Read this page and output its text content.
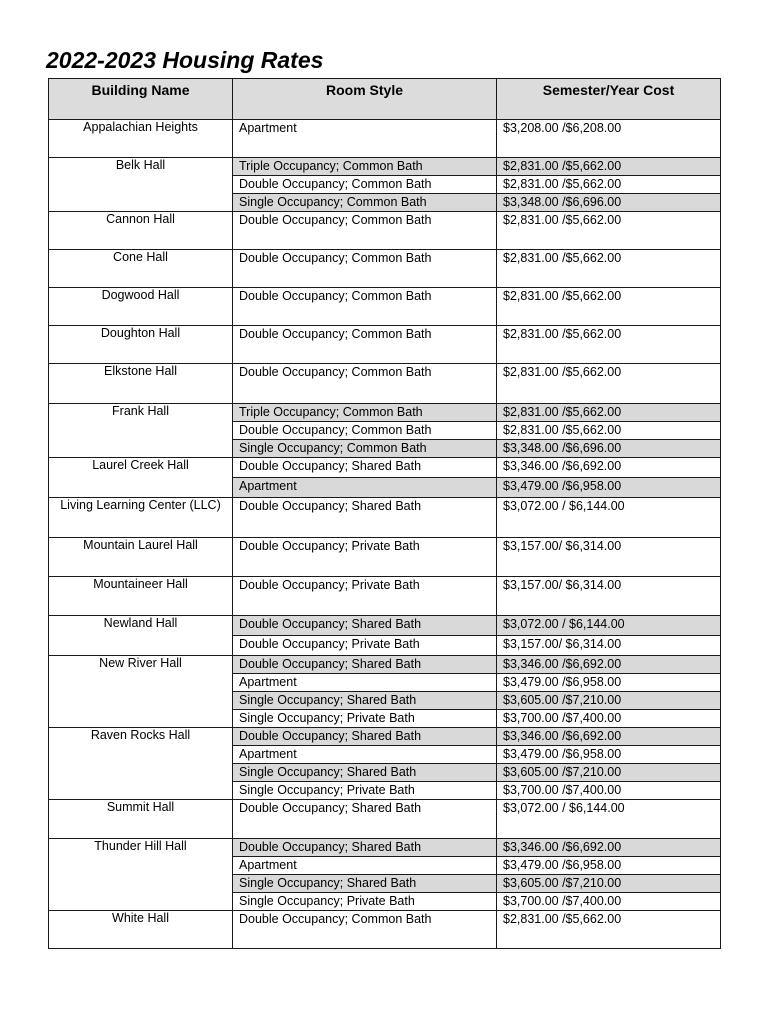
2022-2023 Housing Rates
Building Name	Room Style	Semester/Year Cost
Appalachian Heights	Apartment	$3,208.00 /$6,208.00
Belk Hall	Triple Occupancy; Common Bath	$2,831.00 /$5,662.00
	Double Occupancy; Common Bath	$2,831.00 /$5,662.00
	Single Occupancy; Common Bath	$3,348.00 /$6,696.00
Cannon Hall	Double Occupancy; Common Bath	$2,831.00 /$5,662.00
Cone Hall	Double Occupancy; Common Bath	$2,831.00 /$5,662.00
Dogwood Hall	Double Occupancy; Common Bath	$2,831.00 /$5,662.00
Doughton Hall	Double Occupancy; Common Bath	$2,831.00 /$5,662.00
Elkstone Hall	Double Occupancy; Common Bath	$2,831.00 /$5,662.00
Frank Hall	Triple Occupancy; Common Bath	$2,831.00 /$5,662.00
	Double Occupancy; Common Bath	$2,831.00 /$5,662.00
	Single Occupancy; Common Bath	$3,348.00 /$6,696.00
Laurel Creek Hall	Double Occupancy; Shared Bath	$3,346.00 /$6,692.00
	Apartment	$3,479.00 /$6,958.00
Living Learning Center (LLC)	Double Occupancy; Shared Bath	$3,072.00 / $6,144.00
Mountain Laurel Hall	Double Occupancy; Private Bath	$3,157.00/ $6,314.00
Mountaineer Hall	Double Occupancy; Private Bath	$3,157.00/ $6,314.00
Newland Hall	Double Occupancy; Shared Bath	$3,072.00 / $6,144.00
	Double Occupancy; Private Bath	$3,157.00/ $6,314.00
New River Hall	Double Occupancy; Shared Bath	$3,346.00 /$6,692.00
	Apartment	$3,479.00 /$6,958.00
	Single Occupancy; Shared Bath	$3,605.00 /$7,210.00
	Single Occupancy; Private Bath	$3,700.00 /$7,400.00
Raven Rocks Hall	Double Occupancy; Shared Bath	$3,346.00 /$6,692.00
	Apartment	$3,479.00 /$6,958.00
	Single Occupancy; Shared Bath	$3,605.00 /$7,210.00
	Single Occupancy; Private Bath	$3,700.00 /$7,400.00
Summit Hall	Double Occupancy; Shared Bath	$3,072.00 / $6,144.00
Thunder Hill Hall	Double Occupancy; Shared Bath	$3,346.00 /$6,692.00
	Apartment	$3,479.00 /$6,958.00
	Single Occupancy; Shared Bath	$3,605.00 /$7,210.00
	Single Occupancy; Private Bath	$3,700.00 /$7,400.00
White Hall	Double Occupancy; Common Bath	$2,831.00 /$5,662.00
